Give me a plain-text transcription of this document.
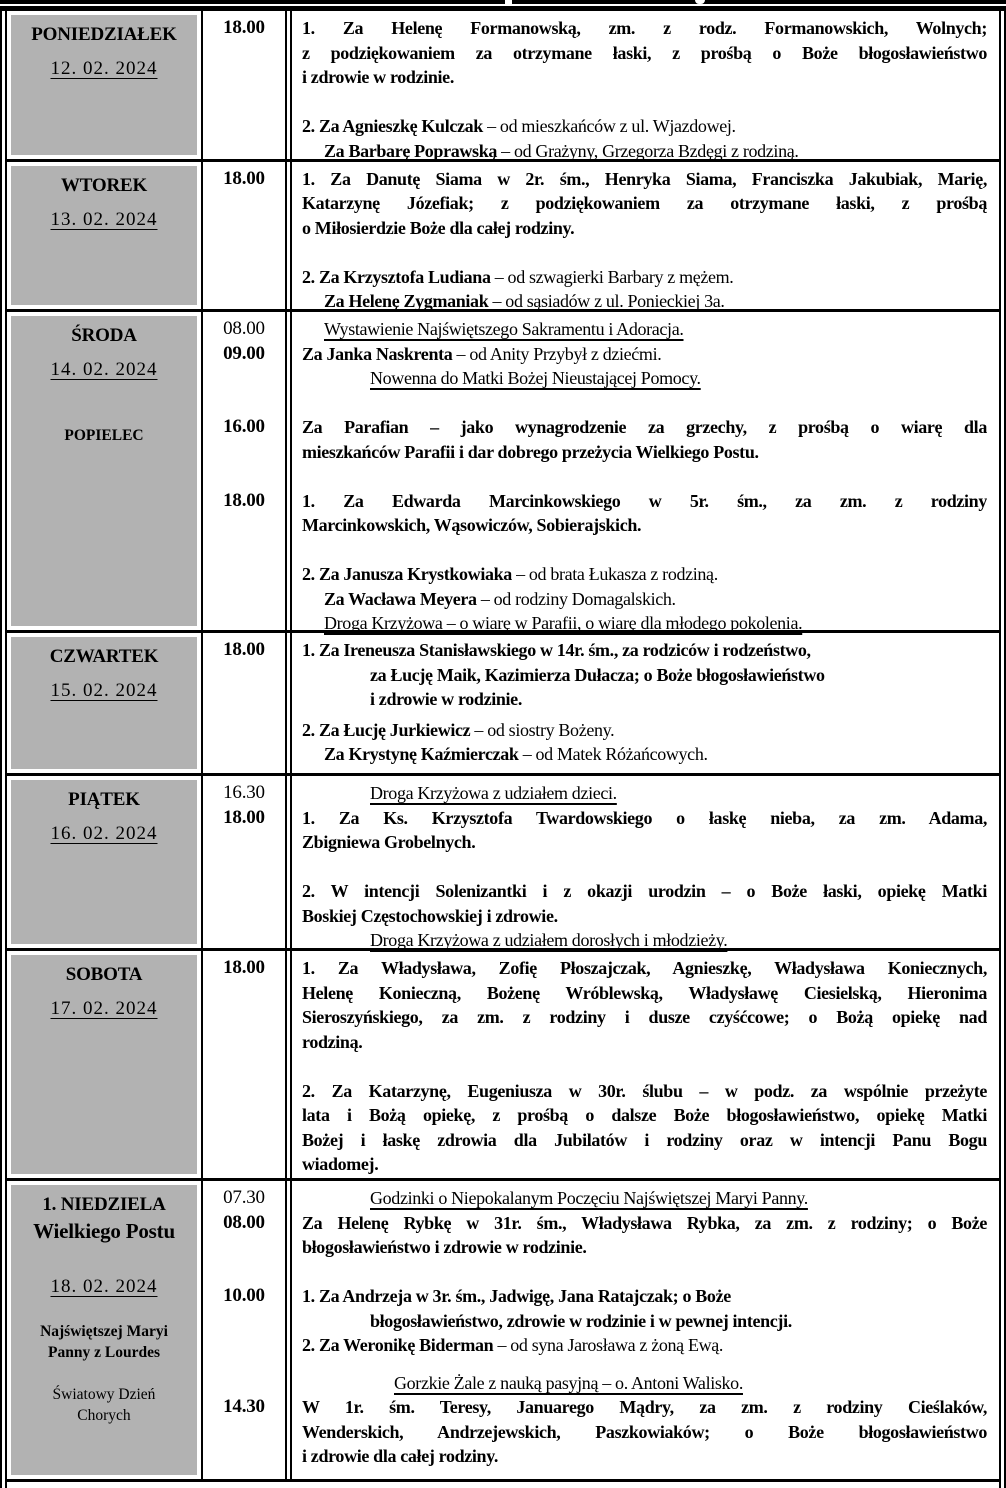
PONIEDZIAŁEK
12. 02. 2024
18.00	1. Za Helenę Formanowską, zm. z rodz. Formanowskich, Wolnych;
z podziękowaniem za otrzymane łaski, z prośbą o Boże błogosławieństwo
i zdrowie w rodzinie.
2. Za Agnieszkę Kulczak – od mieszkańców z ul. Wjazdowej.
Za Barbarę Poprawską – od Grażyny, Grzegorza Bzdęgi z rodziną.
WTOREK
13. 02. 2024
18.00	1. Za Danutę Siama w 2r. śm., Henryka Siama, Franciszka Jakubiak, Marię,
Katarzynę Józefiak; z podziękowaniem za otrzymane łaski, z prośbą
o Miłosierdzie Boże dla całej rodziny.
2. Za Krzysztofa Ludiana – od szwagierki Barbary z mężem.
Za Helenę Zygmaniak – od sąsiadów z ul. Ponieckiej 3a.
ŚRODA
14. 02. 2024
POPIELEC
08.00	Wystawienie Najświętszego Sakramentu i Adoracja.
09.00	Za Janka Naskrenta – od Anity Przybył z dziećmi.
Nowenna do Matki Bożej Nieustającej Pomocy.
16.00	Za Parafian – jako wynagrodzenie za grzechy, z prośbą o wiarę dla
mieszkańców Parafii i dar dobrego przeżycia Wielkiego Postu.
18.00	1. Za Edwarda Marcinkowskiego w 5r. śm., za zm. z rodziny
Marcinkowskich, Wąsowiczów, Sobierajskich.
2. Za Janusza Krystkowiaka – od brata Łukasza z rodziną.
Za Wacława Meyera – od rodziny Domagalskich.
Droga Krzyżowa – o wiarę w Parafii, o wiarę dla młodego pokolenia.
CZWARTEK
15. 02. 2024
18.00	1. Za Ireneusza Stanisławskiego w 14r. śm., za rodziców i rodzeństwo,
za Łucję Maik, Kazimierza Dułacza; o Boże błogosławieństwo
i zdrowie w rodzinie.
2. Za Łucję Jurkiewicz – od siostry Bożeny.
Za Krystynę Kaźmierczak – od Matek Różańcowych.
PIĄTEK
16. 02. 2024
16.30	Droga Krzyżowa z udziałem dzieci.
18.00	1. Za Ks. Krzysztofa Twardowskiego o łaskę nieba, za zm. Adama,
Zbigniewa Grobelnych.
2. W intencji Solenizantki i z okazji urodzin – o Boże łaski, opiekę Matki
Boskiej Częstochowskiej i zdrowie.
Droga Krzyżowa z udziałem dorosłych i młodzieży.
SOBOTA
17. 02. 2024
18.00	1. Za Władysława, Zofię Płoszajczak, Agnieszkę, Władysława Koniecznych,
Helenę Konieczną, Bożenę Wróblewską, Władysławę Ciesielską, Hieronima
Sieroszyńskiego, za zm. z rodziny i dusze czyśćcowe; o Bożą opiekę nad
rodziną.
2. Za Katarzynę, Eugeniusza w 30r. ślubu – w podz. za wspólnie przeżyte
lata i Bożą opiekę, z prośbą o dalsze Boże błogosławieństwo, opiekę Matki
Bożej i łaskę zdrowia dla Jubilatów i rodziny oraz w intencji Panu Bogu
wiadomej.
1. NIEDZIELA
Wielkiego Postu
18. 02. 2024
Najświętszej Maryi
Panny z Lourdes
Światowy Dzień
Chorych
07.30	Godzinki o Niepokalanym Poczęciu Najświętszej Maryi Panny.
08.00	Za Helenę Rybkę w 31r. śm., Władysława Rybka, za zm. z rodziny; o Boże
błogosławieństwo i zdrowie w rodzinie.
10.00	1. Za Andrzeja w 3r. śm., Jadwigę, Jana Ratajczak; o Boże
błogosławieństwo, zdrowie w rodzinie i w pewnej intencji.
2. Za Weronikę Biderman – od syna Jarosława z żoną Ewą.
Gorzkie Żale z nauką pasyjną – o. Antoni Walisko.
14.30	W 1r. śm. Teresy, Januarego Mądry, za zm. z rodziny Cieślaków,
Wenderskich, Andrzejewskich, Paszkowiaków; o Boże błogosławieństwo
i zdrowie dla całej rodziny.
